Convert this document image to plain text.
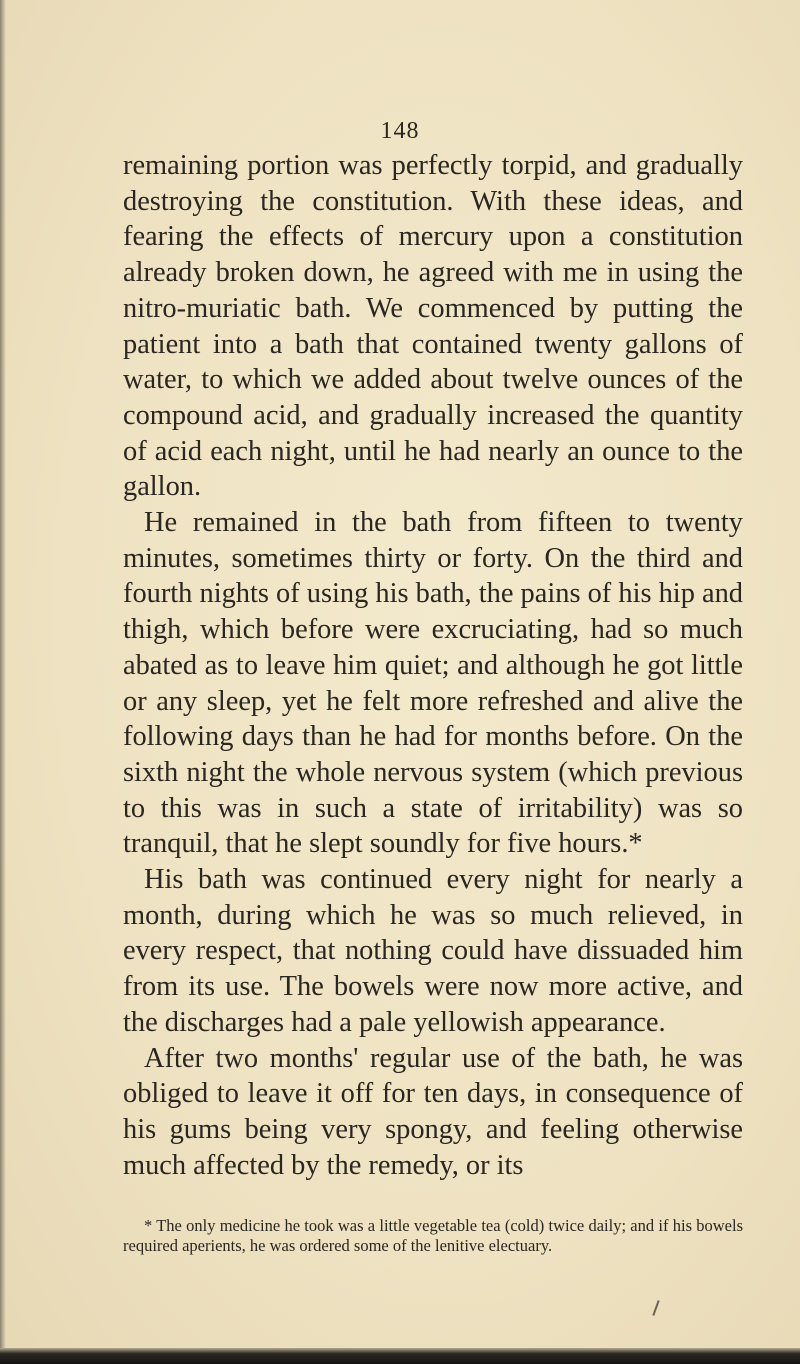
148

remaining portion was perfectly torpid, and gradually destroying the constitution. With these ideas, and fearing the effects of mercury upon a constitution already broken down, he agreed with me in using the nitro-muriatic bath. We commenced by putting the patient into a bath that contained twenty gallons of water, to which we added about twelve ounces of the compound acid, and gradually increased the quantity of acid each night, until he had nearly an ounce to the gallon.

He remained in the bath from fifteen to twenty minutes, sometimes thirty or forty. On the third and fourth nights of using his bath, the pains of his hip and thigh, which before were excruciating, had so much abated as to leave him quiet; and although he got little or any sleep, yet he felt more refreshed and alive the following days than he had for months before. On the sixth night the whole nervous system (which previous to this was in such a state of irritability) was so tranquil, that he slept soundly for five hours.*

His bath was continued every night for nearly a month, during which he was so much relieved, in every respect, that nothing could have dissuaded him from its use. The bowels were now more active, and the discharges had a pale yellowish appearance.

After two months' regular use of the bath, he was obliged to leave it off for ten days, in consequence of his gums being very spongy, and feeling otherwise much affected by the remedy, or its

* The only medicine he took was a little vegetable tea (cold) twice daily; and if his bowels required aperients, he was ordered some of the lenitive electuary.
